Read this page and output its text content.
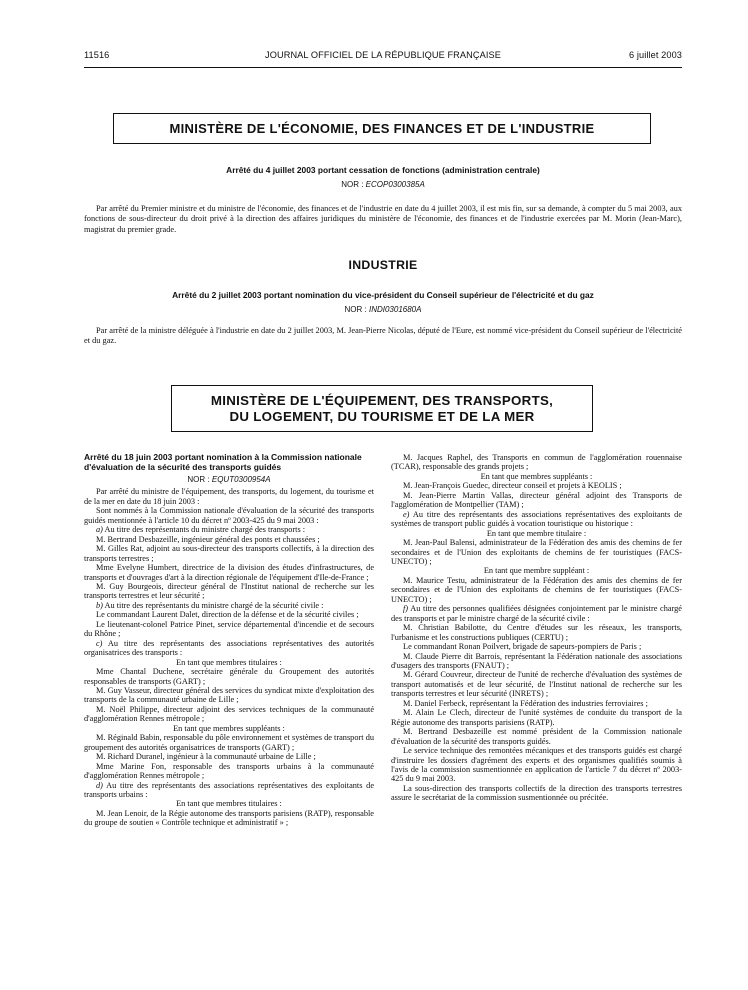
11516	JOURNAL OFFICIEL DE LA RÉPUBLIQUE FRANÇAISE	6 juillet 2003
MINISTÈRE DE L'ÉCONOMIE, DES FINANCES ET DE L'INDUSTRIE
Arrêté du 4 juillet 2003 portant cessation de fonctions (administration centrale)
NOR : ECOP0300385A
Par arrêté du Premier ministre et du ministre de l'économie, des finances et de l'industrie en date du 4 juillet 2003, il est mis fin, sur sa demande, à compter du 5 mai 2003, aux fonctions de sous-directeur du droit privé à la direction des affaires juridiques du ministère de l'économie, des finances et de l'industrie exercées par M. Morin (Jean-Marc), magistrat du premier grade.
INDUSTRIE
Arrêté du 2 juillet 2003 portant nomination du vice-président du Conseil supérieur de l'électricité et du gaz
NOR : INDI0301680A
Par arrêté de la ministre déléguée à l'industrie en date du 2 juillet 2003, M. Jean-Pierre Nicolas, député de l'Eure, est nommé vice-président du Conseil supérieur de l'électricité et du gaz.
MINISTÈRE DE L'ÉQUIPEMENT, DES TRANSPORTS,
DU LOGEMENT, DU TOURISME ET DE LA MER

Arrêté du 18 juin 2003 portant nomination à la Commission nationale d'évaluation de la sécurité des transports guidés

NOR : EQUT0300954A

Par arrêté du ministre de l'équipement, des transports, du logement, du tourisme et de la mer en date du 18 juin 2003 :

Sont nommés à la Commission nationale d'évaluation de la sécurité des transports guidés mentionnée à l'article 10 du décret nº 2003-425 du 9 mai 2003 :

a) Au titre des représentants du ministre chargé des transports :

M. Bertrand Desbazeille, ingénieur général des ponts et chaussées ;

M. Gilles Rat, adjoint au sous-directeur des transports collectifs, à la direction des transports terrestres ;

Mme Evelyne Humbert, directrice de la division des études d'infrastructures, de transports et d'ouvrages d'art à la direction régionale de l'équipement d'Ile-de-France ;

M. Guy Bourgeois, directeur général de l'Institut national de recherche sur les transports terrestres et leur sécurité ;

b) Au titre des représentants du ministre chargé de la sécurité civile :

Le commandant Laurent Dalet, direction de la défense et de la sécurité civiles ;

Le lieutenant-colonel Patrice Pinet, service départemental d'incendie et de secours du Rhône ;

c) Au titre des représentants des associations représentatives des autorités organisatrices des transports :

En tant que membres titulaires :

Mme Chantal Duchene, secrétaire générale du Groupement des autorités responsables de transports (GART) ;

M. Guy Vasseur, directeur général des services du syndicat mixte d'exploitation des transports de la communauté urbaine de Lille ;

M. Noël Philippe, directeur adjoint des services techniques de la communauté d'agglomération Rennes métropole ;

En tant que membres suppléants :

M. Réginald Babin, responsable du pôle environnement et systèmes de transport du groupement des autorités organisatrices de transports (GART) ;

M. Richard Duranel, ingénieur à la communauté urbaine de Lille ;

Mme Marine Fon, responsable des transports urbains à la communauté d'agglomération Rennes métropole ;

d) Au titre des représentants des associations représentatives des exploitants de transports urbains :

En tant que membres titulaires :

M. Jean Lenoir, de la Régie autonome des transports parisiens (RATP), responsable du groupe de soutien « Contrôle technique et administratif » ;

M. Jacques Raphel, des Transports en commun de l'agglomération rouennaise (TCAR), responsable des grands projets ;

En tant que membres suppléants :

M. Jean-François Guedec, directeur conseil et projets à KEOLIS ;

M. Jean-Pierre Martin Vallas, directeur général adjoint des Transports de l'agglomération de Montpellier (TAM) ;

e) Au titre des représentants des associations représentatives des exploitants de systèmes de transport public guidés à vocation touristique ou historique :

En tant que membre titulaire :

M. Jean-Paul Balensi, administrateur de la Fédération des amis des chemins de fer secondaires et de l'Union des exploitants de chemins de fer touristiques (FACS-UNECTO) ;

En tant que membre suppléant :

M. Maurice Testu, administrateur de la Fédération des amis des chemins de fer secondaires et de l'Union des exploitants de chemins de fer touristiques (FACS-UNECTO) ;

f) Au titre des personnes qualifiées désignées conjointement par le ministre chargé des transports et par le ministre chargé de la sécurité civile :

M. Christian Babilotte, du Centre d'études sur les réseaux, les transports, l'urbanisme et les constructions publiques (CERTU) ;

Le commandant Ronan Poilvert, brigade de sapeurs-pompiers de Paris ;

M. Claude Pierre dit Barrois, représentant la Fédération nationale des associations d'usagers des transports (FNAUT) ;

M. Gérard Couvreur, directeur de l'unité de recherche d'évaluation des systèmes de transport automatisés et de leur sécurité, de l'Institut national de recherche sur les transports terrestres et leur sécurité (INRETS) ;

M. Daniel Ferbeck, représentant la Fédération des industries ferroviaires ;

M. Alain Le Clech, directeur de l'unité systèmes de conduite du transport de la Régie autonome des transports parisiens (RATP).

M. Bertrand Desbazeille est nommé président de la Commission nationale d'évaluation de la sécurité des transports guidés.

Le service technique des remontées mécaniques et des transports guidés est chargé d'instruire les dossiers d'agrément des experts et des organismes qualifiés soumis à l'avis de la commission susmentionnée en application de l'article 7 du décret nº 2003-425 du 9 mai 2003.

La sous-direction des transports collectifs de la direction des transports terrestres assure le secrétariat de la commission susmentionnée ou précitée.
